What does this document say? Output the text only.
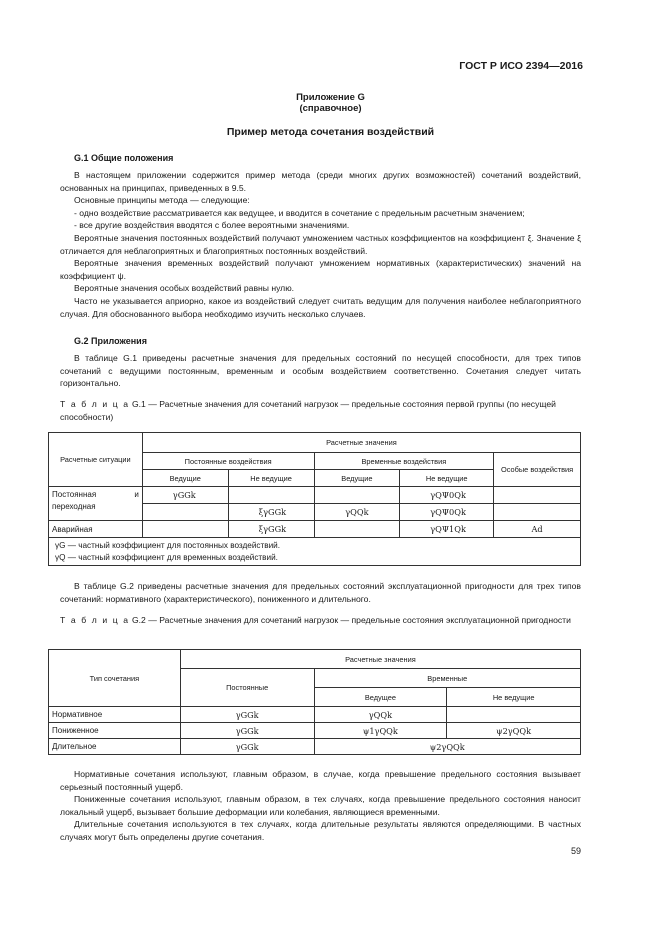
ГОСТ Р ИСО 2394—2016
Приложение G
(справочное)
Пример метода сочетания воздействий
G.1 Общие положения

В настоящем приложении содержится пример метода (среди многих других возможностей) сочетаний воздействий, основанных на принципах, приведенных в 9.5.

Основные принципы метода — следующие:

- одно воздействие рассматривается как ведущее, и вводится в сочетание с предельным расчетным значением;

- все другие воздействия вводятся с более вероятными значениями.

Вероятные значения постоянных воздействий получают умножением частных коэффициентов на коэффициент ξ. Значение ξ отличается для неблагоприятных и благоприятных постоянных воздействий.

Вероятные значения временных воздействий получают умножением нормативных (характеристических) значений на коэффициент ψ.

Вероятные значения особых воздействий равны нулю.

Часто не указывается априорно, какое из воздействий следует считать ведущим для получения наиболее неблагоприятного случая. Для обоснованного выбора необходимо изучить несколько случаев.

G.2 Приложения

В таблице G.1 приведены расчетные значения для предельных состояний по несущей способности, для трех типов сочетаний с ведущими постоянным, временным и особым воздействием соответственно. Сочетания следует читать горизонтально.

Т а б л и ц а G.1 — Расчетные значения для сочетаний нагрузок — предельные состояния первой группы (по несущей способности)
Расчетные ситуации	Расчетные значения				
	Постоянные воздействия		Временные воздействия		Особые воздействия
	Ведущие	Не ведущие	Ведущие	Не ведущие	

Постоянная и
переходная	γGGk			γQΨ0Qk	
		ξγGGk	γQQk	γQΨ0Qk	
Аварийная		ξγGGk		γQΨ1Qk	Ad

γG — частный коэффициент для постоянных воздействий.
γQ — частный коэффициент для временных воздействий.					

В таблице G.2 приведены расчетные значения для предельных состояний эксплуатационной пригодности для трех типов сочетаний: нормативного (характеристического), пониженного и длительного.

Т а б л и ц а G.2 — Расчетные значения для сочетаний нагрузок — предельные состояния эксплуатационной пригодности
Тип сочетания	Расчетные значения		
	Постоянные	Временные	
		Ведущее	Не ведущие
Нормативное	γGGk	γQQk	
Пониженное	γGGk	ψ1γQQk	ψ2γQQk
Длительное	γGGk	ψ2γQQk	

Нормативные сочетания используют, главным образом, в случае, когда превышение предельного состояния вызывает серьезный постоянный ущерб.

Пониженные сочетания используют, главным образом, в тех случаях, когда превышение предельного состояния наносит локальный ущерб, вызывает большие деформации или колебания, являющиеся временными.

Длительные сочетания используются в тех случаях, когда длительные результаты являются определяющими. В частных случаях могут быть определены другие сочетания.

59
